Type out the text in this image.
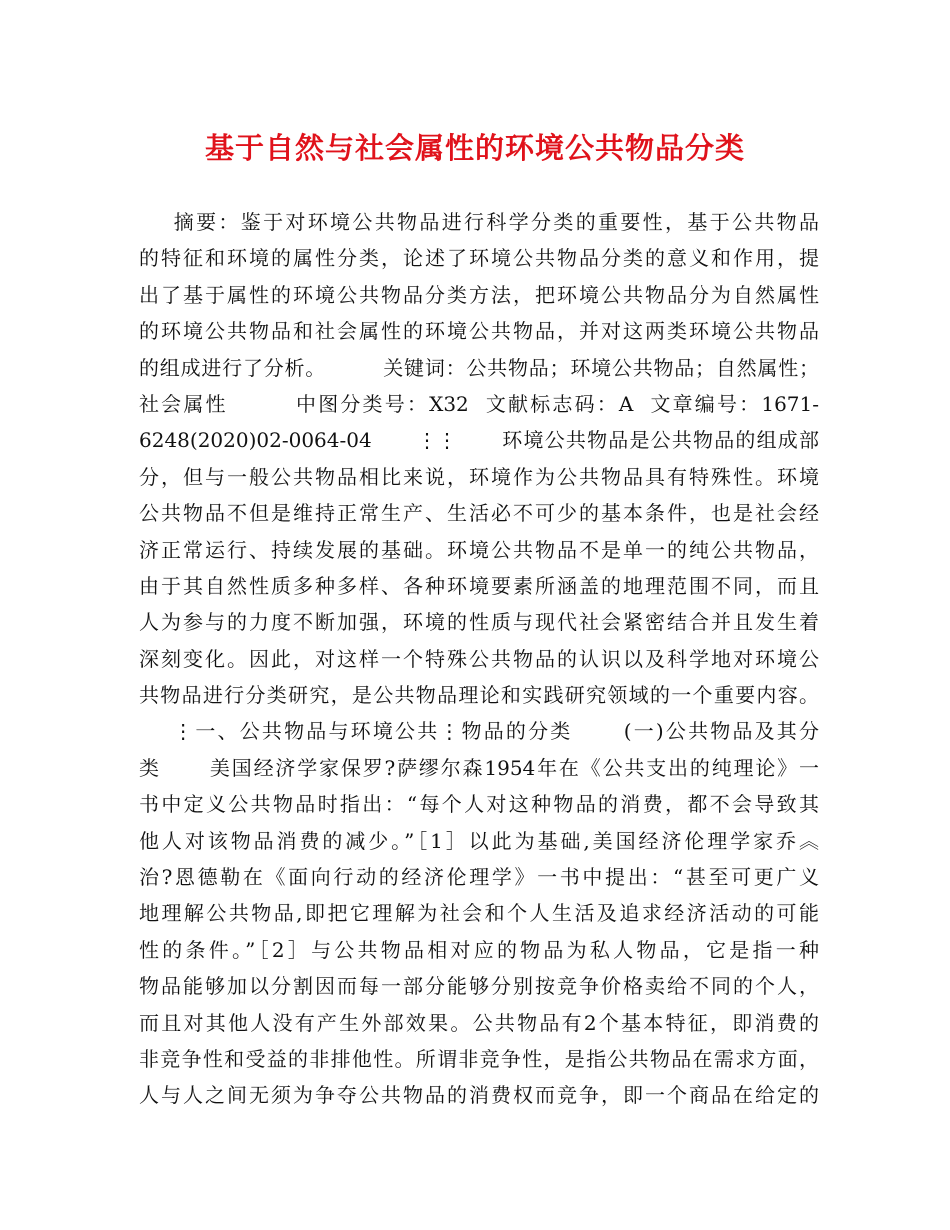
基于自然与社会属性的环境公共物品分类
摘要：鉴于对环境公共物品进行科学分类的重要性，基于公共物品
的特征和环境的属性分类，论述了环境公共物品分类的意义和作用，提
出了基于属性的环境公共物品分类方法，把环境公共物品分为自然属性
的环境公共物品和社会属性的环境公共物品，并对这两类环境公共物品
的组成进行了分析。        关键词：公共物品；环境公共物品；自然属性；
社会属性        中图分类号：X32  文献标志码：A  文章编号：1671-
6248(2020)02-0064-04      ⋮⋮      环境公共物品是公共物品的组成部
分，但与一般公共物品相比来说，环境作为公共物品具有特殊性。环境
公共物品不但是维持正常生产、生活必不可少的基本条件，也是社会经
济正常运行、持续发展的基础。环境公共物品不是单一的纯公共物品，
由于其自然性质多种多样、各种环境要素所涵盖的地理范围不同，而且
人为参与的力度不断加强，环境的性质与现代社会紧密结合并且发生着
深刻变化。因此，对这样一个特殊公共物品的认识以及科学地对环境公
共物品进行分类研究，是公共物品理论和实践研究领域的一个重要内容。
⋮一、公共物品与环境公共⋮物品的分类      (一)公共物品及其分
类      美国经济学家保罗?萨缪尔森1954年在《公共支出的纯理论》一
书中定义公共物品时指出：“每个人对这种物品的消费，都不会导致其
他人对该物品消费的减少。”［1］以此为基础,美国经济伦理学家乔︽
治?恩德勒在《面向行动的经济伦理学》一书中提出：“甚至可更广义
地理解公共物品,即把它理解为社会和个人生活及追求经济活动的可能
性的条件。”［2］与公共物品相对应的物品为私人物品，它是指一种
物品能够加以分割因而每一部分能够分别按竞争价格卖给不同的个人，
而且对其他人没有产生外部效果。公共物品有2个基本特征，即消费的
非竞争性和受益的非排他性。所谓非竞争性，是指公共物品在需求方面，
人与人之间无须为争夺公共物品的消费权而竞争，即一个商品在给定的
